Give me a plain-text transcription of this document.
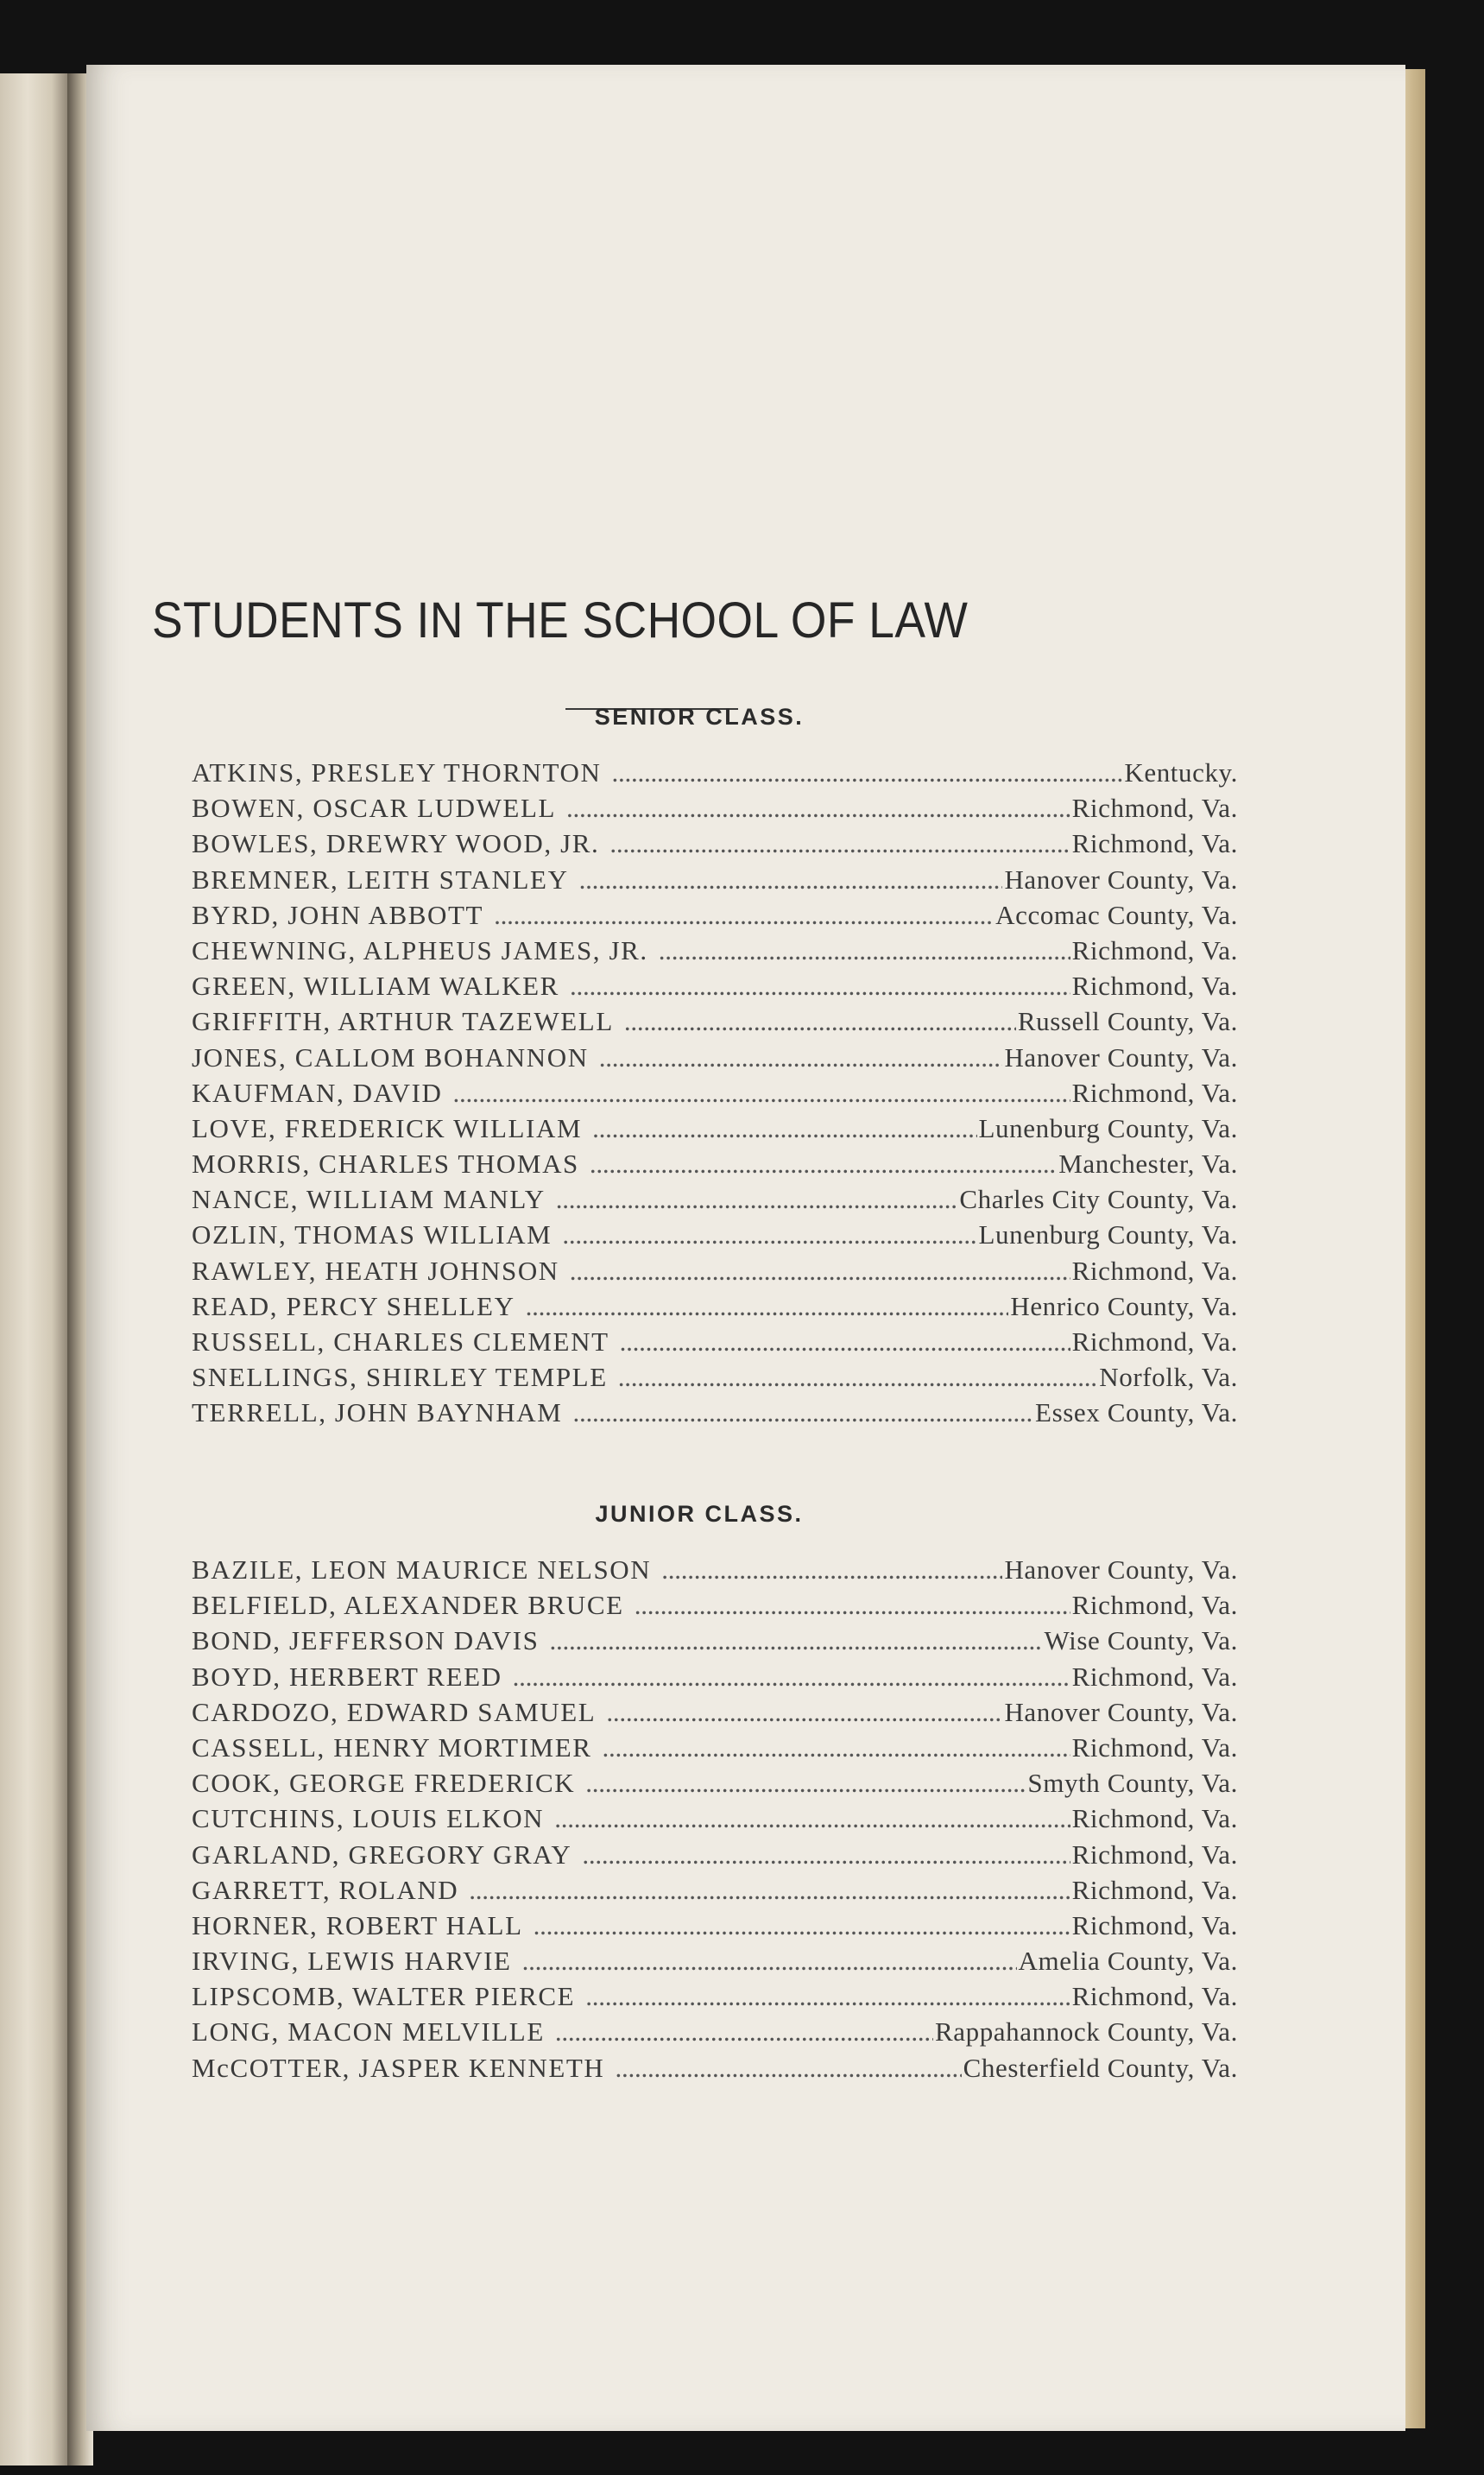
STUDENTS IN THE SCHOOL OF LAW
SENIOR CLASS.
ATKINS, PRESLEY THORNTON . . .	Kentucky.
BOWEN, OSCAR LUDWELL . . .	Richmond, Va.
BOWLES, DREWRY WOOD, JR. . . .	Richmond, Va.
BREMNER, LEITH STANLEY . . .	Hanover County, Va.
BYRD, JOHN ABBOTT . . .	Accomac County, Va.
CHEWNING, ALPHEUS JAMES, JR. . . .	Richmond, Va.
GREEN, WILLIAM WALKER . . .	Richmond, Va.
GRIFFITH, ARTHUR TAZEWELL . . .	Russell County, Va.
JONES, CALLOM BOHANNON . . .	Hanover County, Va.
KAUFMAN, DAVID . . .	Richmond, Va.
LOVE, FREDERICK WILLIAM . . .	Lunenburg County, Va.
MORRIS, CHARLES THOMAS . . .	Manchester, Va.
NANCE, WILLIAM MANLY . . .	Charles City County, Va.
OZLIN, THOMAS WILLIAM . . .	Lunenburg County, Va.
RAWLEY, HEATH JOHNSON . . .	Richmond, Va.
READ, PERCY SHELLEY . . .	Henrico County, Va.
RUSSELL, CHARLES CLEMENT . . .	Richmond, Va.
SNELLINGS, SHIRLEY TEMPLE . . .	Norfolk, Va.
TERRELL, JOHN BAYNHAM . . .	Essex County, Va.
JUNIOR CLASS.
BAZILE, LEON MAURICE NELSON . . .	Hanover County, Va.
BELFIELD, ALEXANDER BRUCE . . .	Richmond, Va.
BOND, JEFFERSON DAVIS . . .	Wise County, Va.
BOYD, HERBERT REED . . .	Richmond, Va.
CARDOZO, EDWARD SAMUEL . . .	Hanover County, Va.
CASSELL, HENRY MORTIMER . . .	Richmond, Va.
COOK, GEORGE FREDERICK . . .	Smyth County, Va.
CUTCHINS, LOUIS ELKON . . .	Richmond, Va.
GARLAND, GREGORY GRAY . . .	Richmond, Va.
GARRETT, ROLAND . . .	Richmond, Va.
HORNER, ROBERT HALL . . .	Richmond, Va.
IRVING, LEWIS HARVIE . . .	Amelia County, Va.
LIPSCOMB, WALTER PIERCE . . .	Richmond, Va.
LONG, MACON MELVILLE . . .	Rappahannock County, Va.
McCOTTER, JASPER KENNETH . . .	Chesterfield County, Va.
